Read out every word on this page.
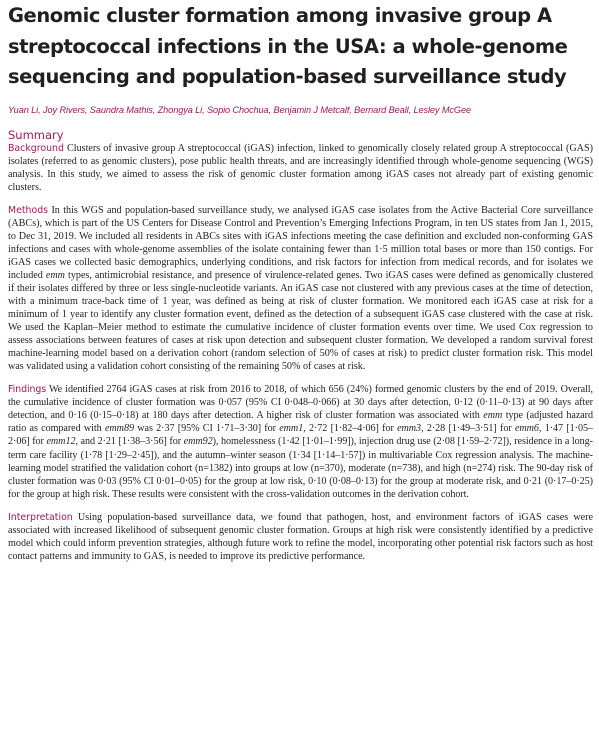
Genomic cluster formation among invasive group A streptococcal infections in the USA: a whole-genome sequencing and population-based surveillance study
Yuan Li, Joy Rivers, Saundra Mathis, Zhongya Li, Sopio Chochua, Benjamin J Metcalf, Bernard Beall, Lesley McGee
Summary

Background Clusters of invasive group A streptococcal (iGAS) infection, linked to genomically closely related group A streptococcal (GAS) isolates (referred to as genomic clusters), pose public health threats, and are increasingly identified through whole-genome sequencing (WGS) analysis. In this study, we aimed to assess the risk of genomic cluster formation among iGAS cases not already part of existing genomic clusters.

Methods In this WGS and population-based surveillance study, we analysed iGAS case isolates from the Active Bacterial Core surveillance (ABCs), which is part of the US Centers for Disease Control and Prevention’s Emerging Infections Program, in ten US states from Jan 1, 2015, to Dec 31, 2019. We included all residents in ABCs sites with iGAS infections meeting the case definition and excluded non-conforming GAS infections and cases with whole-genome assemblies of the isolate containing fewer than 1·5 million total bases or more than 150 contigs. For iGAS cases we collected basic demographics, underlying conditions, and risk factors for infection from medical records, and for isolates we included emm types, antimicrobial resistance, and presence of virulence-related genes. Two iGAS cases were defined as genomically clustered if their isolates differed by three or less single-nucleotide variants. An iGAS case not clustered with any previous cases at the time of detection, with a minimum trace-back time of 1 year, was defined as being at risk of cluster formation. We monitored each iGAS case at risk for a minimum of 1 year to identify any cluster formation event, defined as the detection of a subsequent iGAS case clustered with the case at risk. We used the Kaplan–Meier method to estimate the cumulative incidence of cluster formation events over time. We used Cox regression to assess associations between features of cases at risk upon detection and subsequent cluster formation. We developed a random survival forest machine-learning model based on a derivation cohort (random selection of 50% of cases at risk) to predict cluster formation risk. This model was validated using a validation cohort consisting of the remaining 50% of cases at risk.

Findings We identified 2764 iGAS cases at risk from 2016 to 2018, of which 656 (24%) formed genomic clusters by the end of 2019. Overall, the cumulative incidence of cluster formation was 0·057 (95% CI 0·048–0·066) at 30 days after detection, 0·12 (0·11–0·13) at 90 days after detection, and 0·16 (0·15–0·18) at 180 days after detection. A higher risk of cluster formation was associated with emm type (adjusted hazard ratio as compared with emm89 was 2·37 [95% CI 1·71–3·30] for emm1, 2·72 [1·82–4·06] for emm3, 2·28 [1·49–3·51] for emm6, 1·47 [1·05–2·06] for emm12, and 2·21 [1·38–3·56] for emm92), homelessness (1·42 [1·01–1·99]), injection drug use (2·08 [1·59–2·72]), residence in a long-term care facility (1·78 [1·29–2·45]), and the autumn–winter season (1·34 [1·14–1·57]) in multivariable Cox regression analysis. The machine-learning model stratified the validation cohort (n=1382) into groups at low (n=370), moderate (n=738), and high (n=274) risk. The 90-day risk of cluster formation was 0·03 (95% CI 0·01–0·05) for the group at low risk, 0·10 (0·08–0·13) for the group at moderate risk, and 0·21 (0·17–0·25) for the group at high risk. These results were consistent with the cross-validation outcomes in the derivation cohort.

Interpretation Using population-based surveillance data, we found that pathogen, host, and environment factors of iGAS cases were associated with increased likelihood of subsequent genomic cluster formation. Groups at high risk were consistently identified by a predictive model which could inform prevention strategies, although future work to refine the model, incorporating other potential risk factors such as host contact patterns and immunity to GAS, is needed to improve its predictive performance.
